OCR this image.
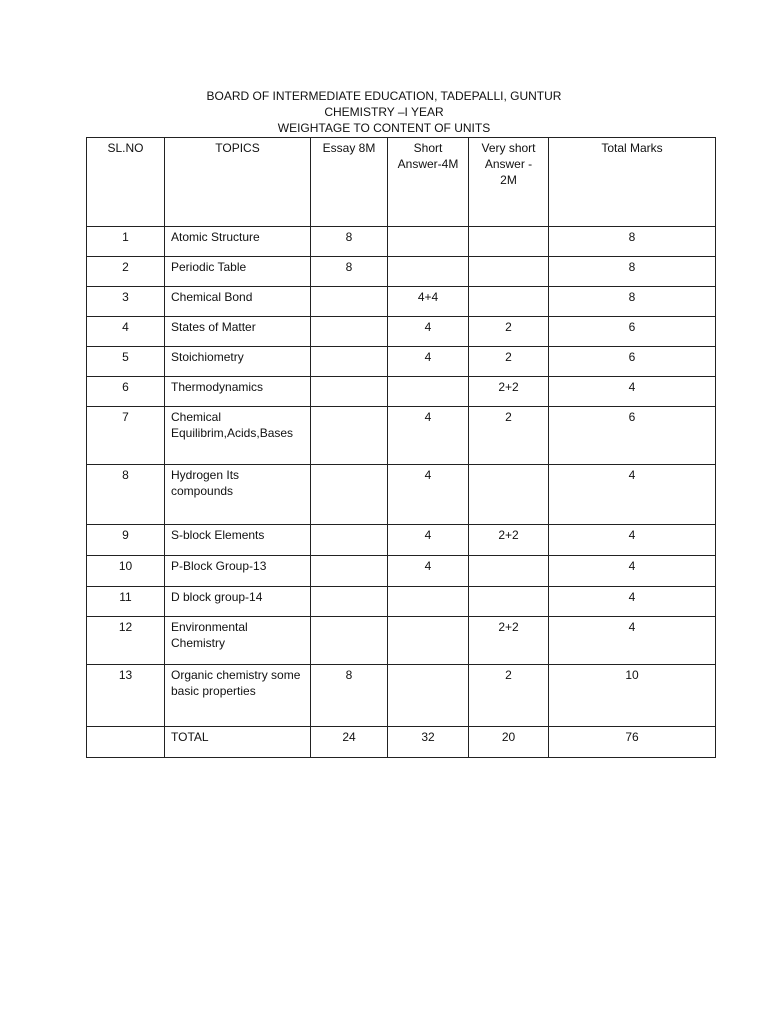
BOARD OF INTERMEDIATE EDUCATION, TADEPALLI, GUNTUR
CHEMISTRY –I YEAR
WEIGHTAGE TO CONTENT OF UNITS
SL.NO	TOPICS	Essay 8M	Short Answer-4M	Very short Answer - 2M	Total Marks
1	Atomic Structure	8			8
2	Periodic Table	8			8
3	Chemical Bond		4+4		8
4	States of Matter		4	2	6
5	Stoichiometry		4	2	6
6	Thermodynamics			2+2	4
7	Chemical Equilibrim,Acids,Bases		4	2	6
8	Hydrogen Its compounds		4		4
9	S-block Elements		4	2+2	4
10	P-Block Group-13		4		4
11	D block group-14				4
12	Environmental Chemistry			2+2	4
13	Organic chemistry some basic properties	8		2	10
	TOTAL	24	32	20	76
